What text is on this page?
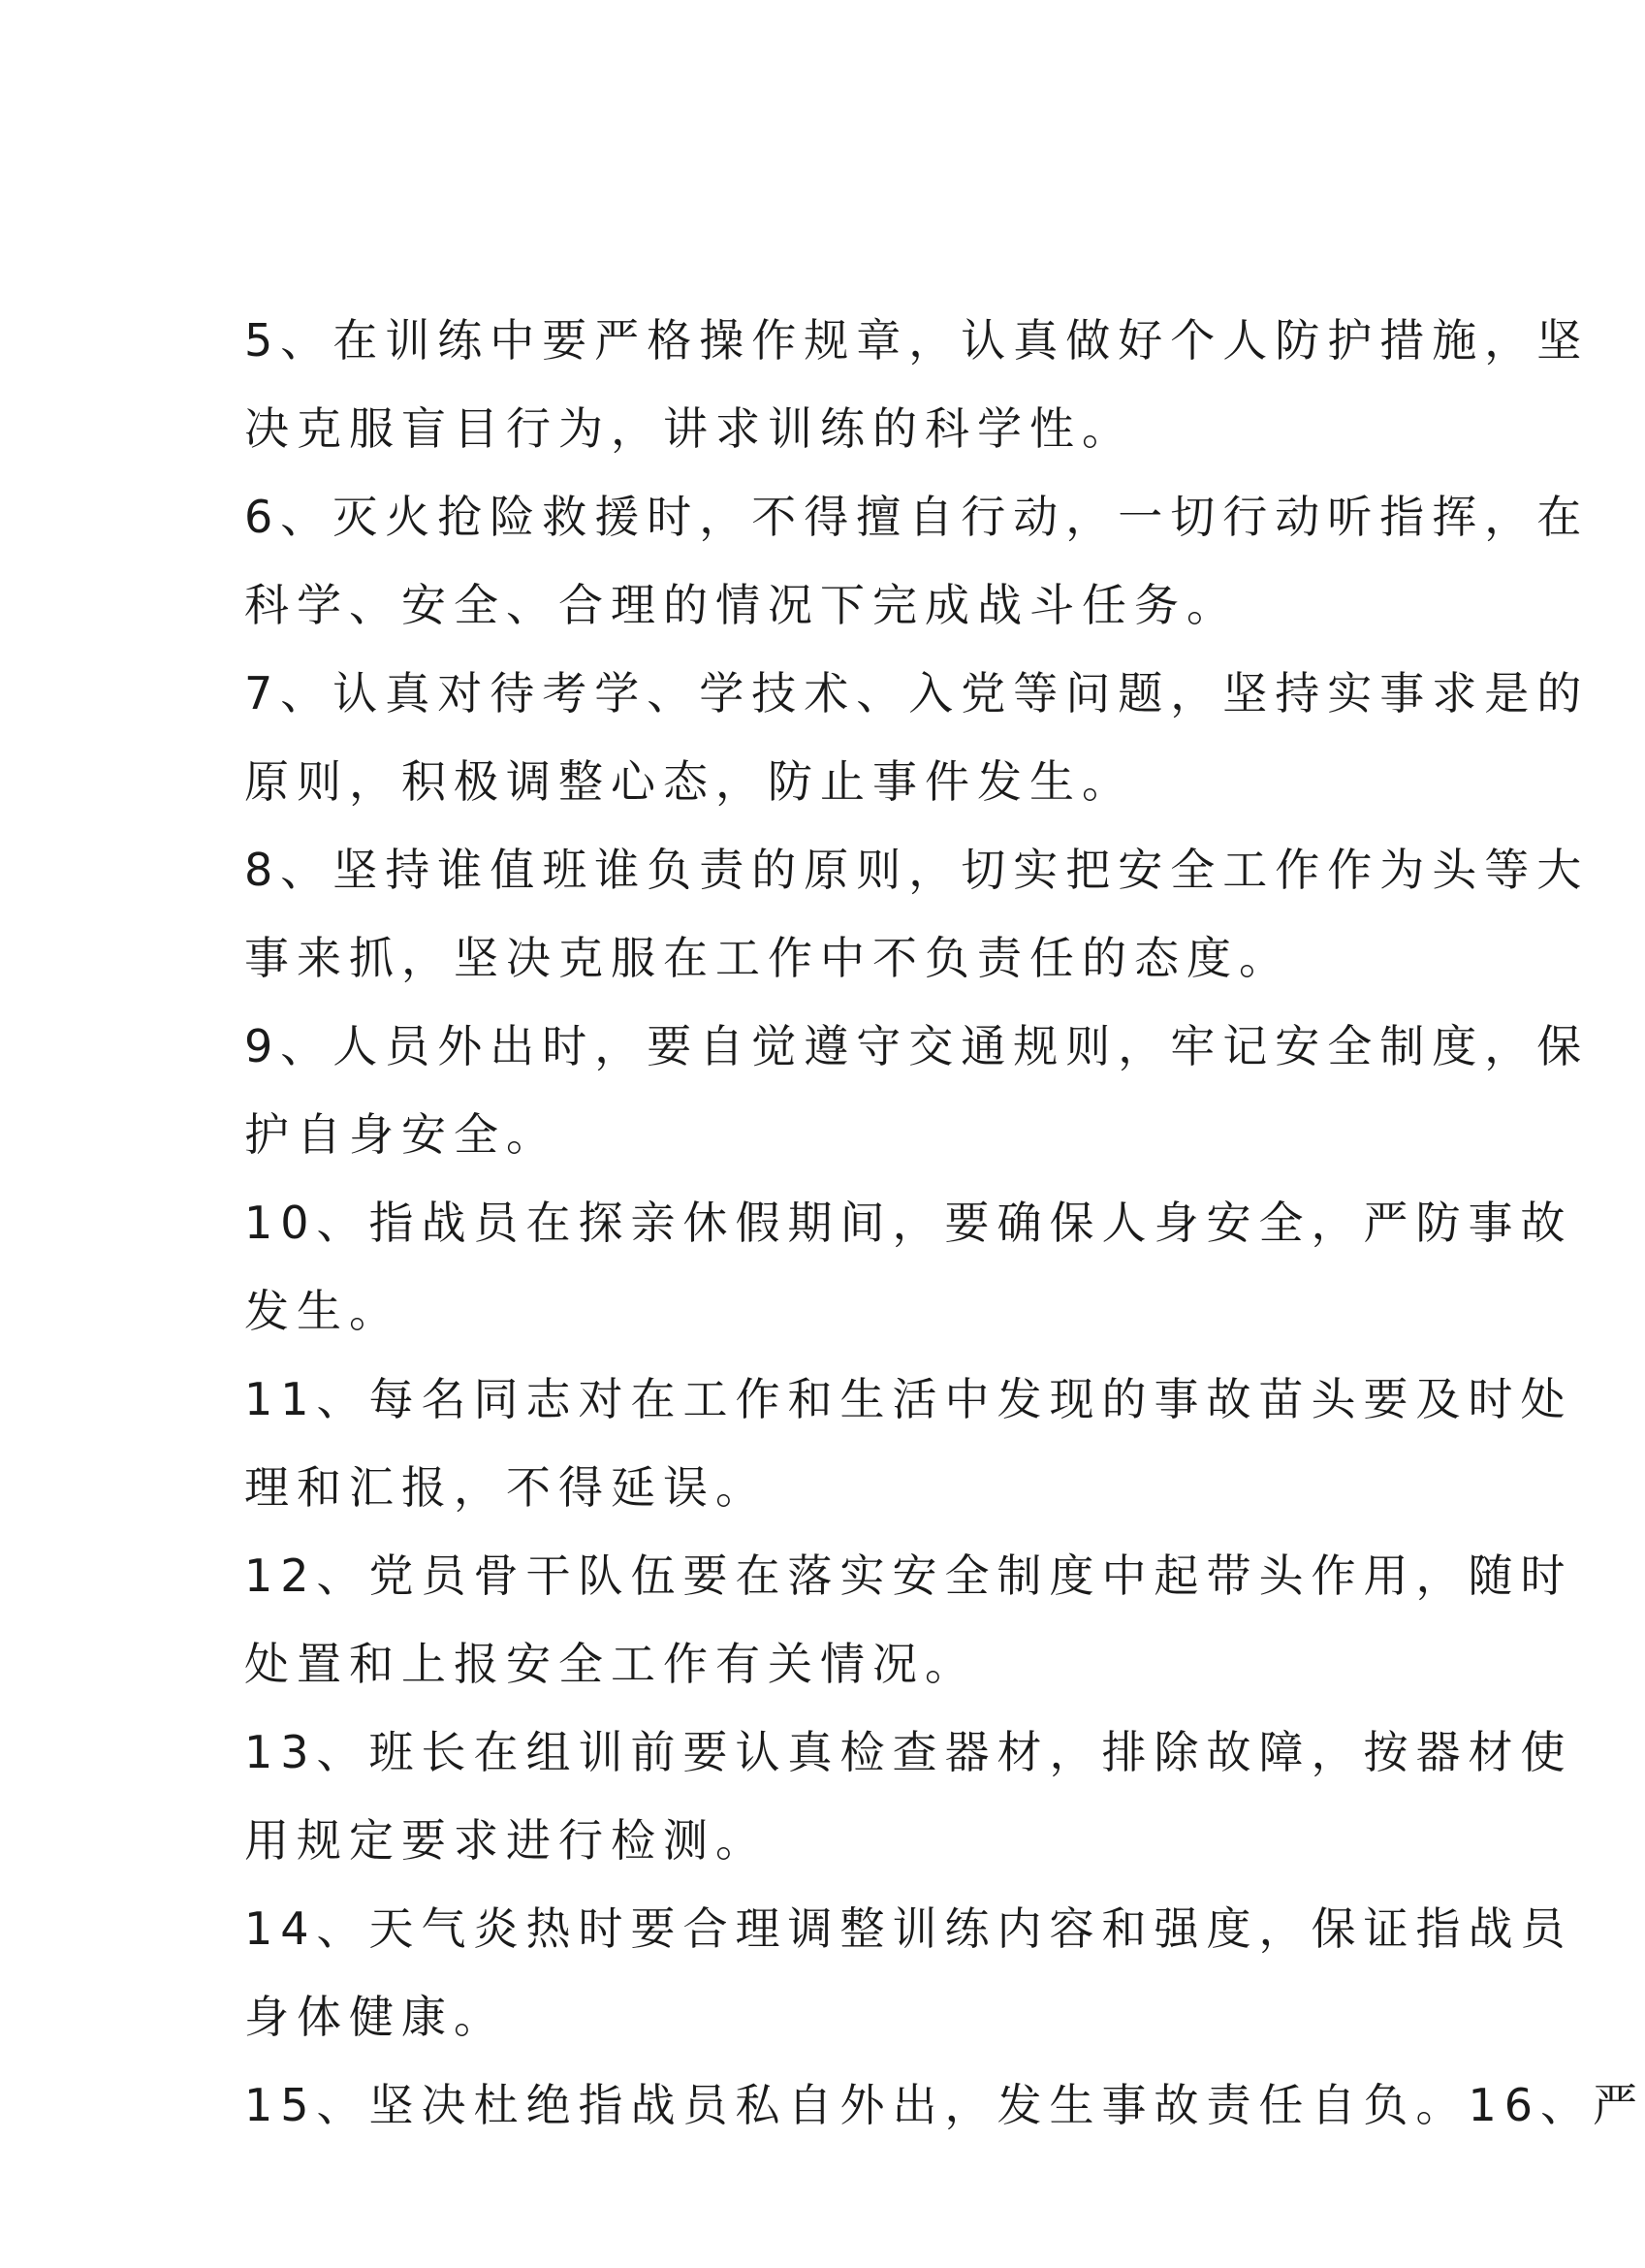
5、在训练中要严格操作规章，认真做好个人防护措施，坚
决克服盲目行为，讲求训练的科学性。
6、灭火抢险救援时，不得擅自行动，一切行动听指挥，在
科学、安全、合理的情况下完成战斗任务。
7、认真对待考学、学技术、入党等问题，坚持实事求是的
原则，积极调整心态，防止事件发生。
8、坚持谁值班谁负责的原则，切实把安全工作作为头等大
事来抓，坚决克服在工作中不负责任的态度。
9、人员外出时，要自觉遵守交通规则，牢记安全制度，保
护自身安全。
10、指战员在探亲休假期间，要确保人身安全，严防事故
发生。
11、每名同志对在工作和生活中发现的事故苗头要及时处
理和汇报，不得延误。
12、党员骨干队伍要在落实安全制度中起带头作用，随时
处置和上报安全工作有关情况。
13、班长在组训前要认真检查器材，排除故障，按器材使
用规定要求进行检测。
14、天气炎热时要合理调整训练内容和强度，保证指战员
身体健康。
15、坚决杜绝指战员私自外出，发生事故责任自负。16、严
